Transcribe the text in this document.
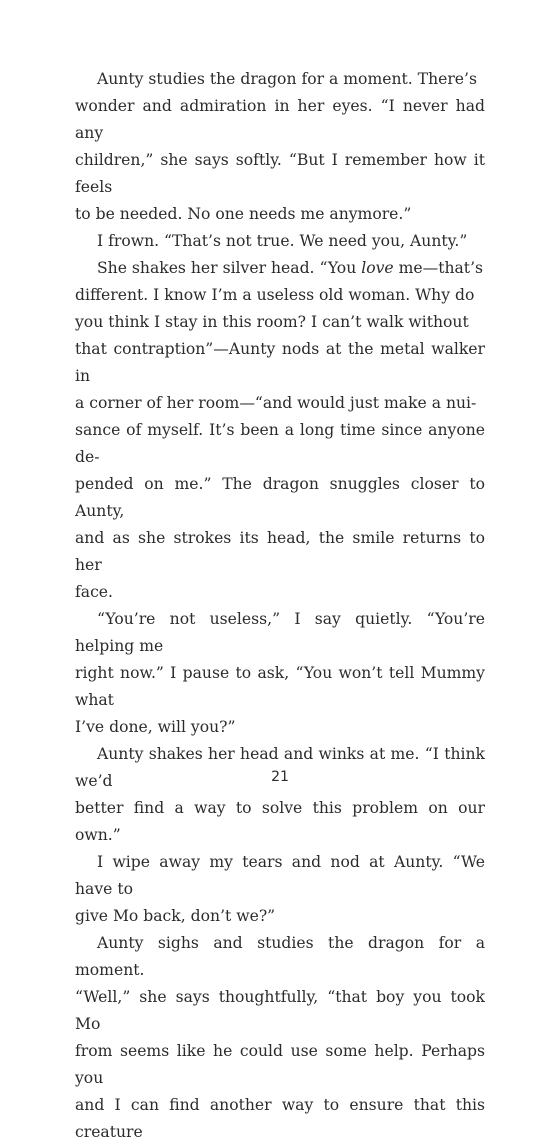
Aunty studies the dragon for a moment. There’s
wonder and admiration in her eyes. “I never had any
children,” she says softly. “But I remember how it feels
to be needed. No one needs me anymore.”

I frown. “That’s not true. We need you, Aunty.”

She shakes her silver head. “You love me—that’s
different. I know I’m a useless old woman. Why do
you think I stay in this room? I can’t walk without
that contraption”—Aunty nods at the metal walker in
a corner of her room—“and would just make a nui-
sance of myself. It’s been a long time since anyone de-
pended on me.” The dragon snuggles closer to Aunty,
and as she strokes its head, the smile returns to her
face.

“You’re not useless,” I say quietly. “You’re helping me
right now.” I pause to ask, “You won’t tell Mummy what
I’ve done, will you?”

Aunty shakes her head and winks at me. “I think we’d
better find a way to solve this problem on our own.”

I wipe away my tears and nod at Aunty. “We have to
give Mo back, don’t we?”

Aunty sighs and studies the dragon for a moment.
“Well,” she says thoughtfully, “that boy you took Mo
from seems like he could use some help. Perhaps you
and I can find another way to ensure that this creature

21
